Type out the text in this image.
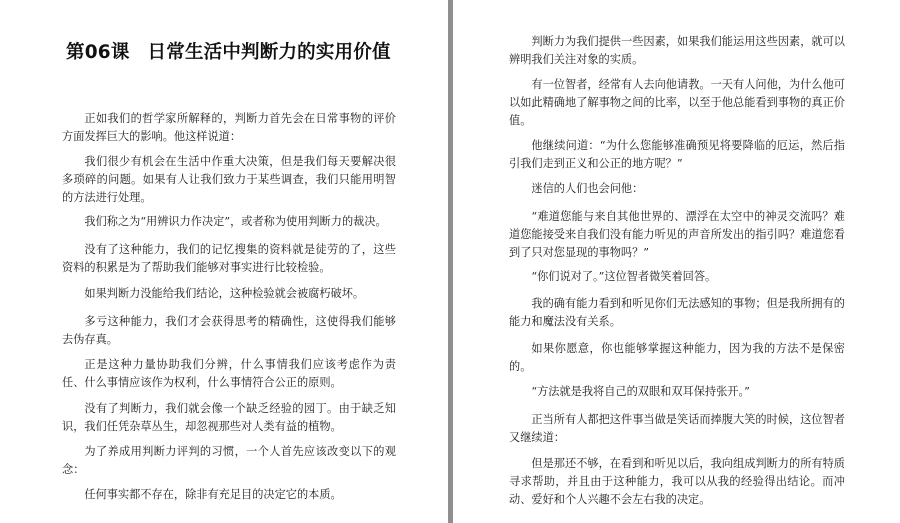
第06课 日常生活中判断力的实用价值

正如我们的哲学家所解释的，判断力首先会在日常事物的评价方面发挥巨大的影响。他这样说道：

我们很少有机会在生活中作重大决策，但是我们每天要解决很多琐碎的问题。如果有人让我们致力于某些调查，我们只能用明智的方法进行处理。

我们称之为“用辨识力作决定”，或者称为使用判断力的裁决。

没有了这种能力，我们的记忆搜集的资料就是徒劳的了，这些资料的积累是为了帮助我们能够对事实进行比较检验。

如果判断力没能给我们结论，这种检验就会被腐朽破坏。

多亏这种能力，我们才会获得思考的精确性，这使得我们能够去伪存真。

正是这种力量协助我们分辨，什么事情我们应该考虑作为责任、什么事情应该作为权利，什么事情符合公正的原则。

没有了判断力，我们就会像一个缺乏经验的园丁。由于缺乏知识，我们任凭杂草丛生，却忽视那些对人类有益的植物。

为了养成用判断力评判的习惯，一个人首先应该改变以下的观念：

任何事实都不存在，除非有充足目的决定它的本质。

判断力为我们提供一些因素，如果我们能运用这些因素，就可以辨明我们关注对象的实质。

有一位智者，经常有人去向他请教。一天有人问他，为什么他可以如此精确地了解事物之间的比率，以至于他总能看到事物的真正价值。

他继续问道：“为什么您能够准确预见将要降临的厄运，然后指引我们走到正义和公正的地方呢？”

迷信的人们也会问他：

“难道您能与来自其他世界的、漂浮在太空中的神灵交流吗？难道您能接受来自我们没有能力听见的声音所发出的指引吗？难道您看到了只对您显现的事物吗？”

“你们说对了。”这位智者微笑着回答。

我的确有能力看到和听见你们无法感知的事物；但是我所拥有的能力和魔法没有关系。

如果你愿意，你也能够掌握这种能力，因为我的方法不是保密的。

“方法就是我将自己的双眼和双耳保持张开。”

正当所有人都把这件事当做是笑话而捧腹大笑的时候，这位智者又继续道：

但是那还不够，在看到和听见以后，我向组成判断力的所有特质寻求帮助，并且由于这种能力，我可以从我的经验得出结论。而冲动、爱好和个人兴趣不会左右我的决定。
